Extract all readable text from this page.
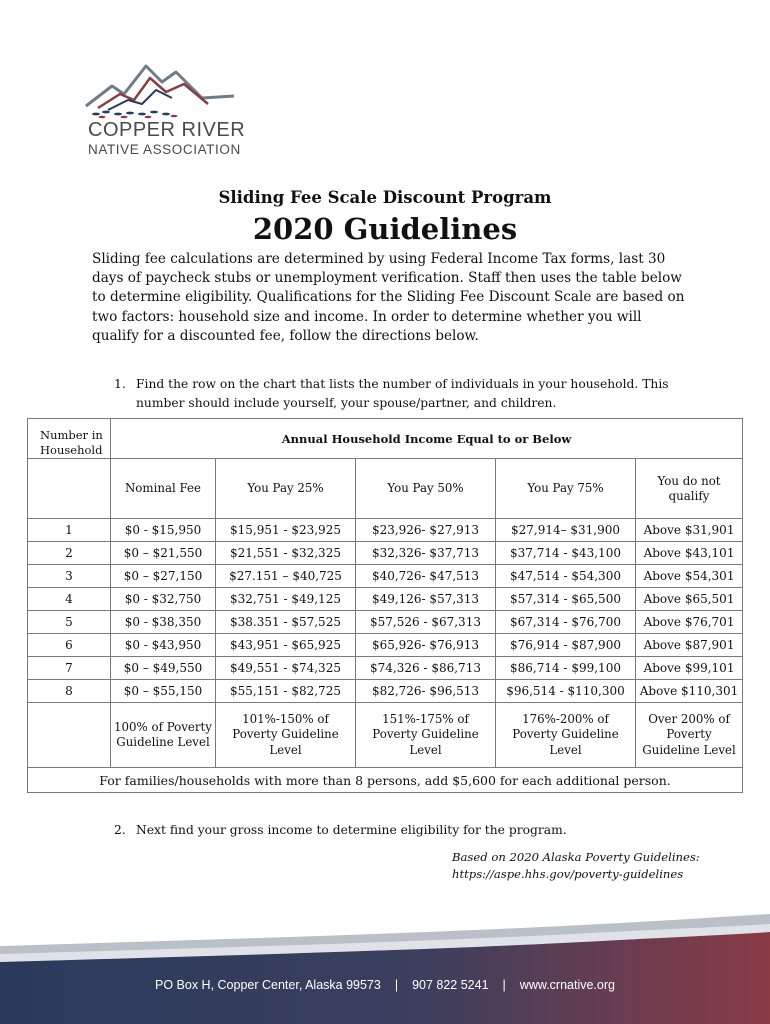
COPPER RIVER
NATIVE ASSOCIATION
Sliding Fee Scale Discount Program
2020 Guidelines
Sliding fee calculations are determined by using Federal Income Tax forms, last 30 days of paycheck stubs or unemployment verification. Staff then uses the table below to determine eligibility. Qualifications for the Sliding Fee Discount Scale are based on two factors: household size and income. In order to determine whether you will qualify for a discounted fee, follow the directions below.
1. Find the row on the chart that lists the number of individuals in your household. This number should include yourself, your spouse/partner, and children.
Number in Household	Annual Household Income Equal to or Below				
	Nominal Fee	You Pay 25%	You Pay 50%	You Pay 75%	You do not qualify
1	$0 - $15,950	$15,951 - $23,925	$23,926- $27,913	$27,914– $31,900	Above $31,901
2	$0 – $21,550	$21,551 - $32,325	$32,326- $37,713	$37,714 - $43,100	Above $43,101
3	$0 – $27,150	$27.151 – $40,725	$40,726- $47,513	$47,514 - $54,300	Above $54,301
4	$0 - $32,750	$32,751 - $49,125	$49,126- $57,313	$57,314 - $65,500	Above $65,501
5	$0 - $38,350	$38.351 - $57,525	$57,526 - $67,313	$67,314 - $76,700	Above $76,701
6	$0 - $43,950	$43,951 - $65,925	$65,926- $76,913	$76,914 - $87,900	Above $87,901
7	$0 – $49,550	$49,551 - $74,325	$74,326 - $86,713	$86,714 - $99,100	Above $99,101
8	$0 – $55,150	$55,151 - $82,725	$82,726- $96,513	$96,514 - $110,300	Above $110,301
	100% of Poverty Guideline Level	101%-150% of Poverty Guideline Level	151%-175% of Poverty Guideline Level	176%-200% of Poverty Guideline Level	Over 200% of Poverty Guideline Level
For families/households with more than 8 persons, add $5,600 for each additional person.					
2. Next find your gross income to determine eligibility for the program.
Based on 2020 Alaska Poverty Guidelines:
https://aspe.hhs.gov/poverty-guidelines
PO Box H, Copper Center, Alaska 99573 | 907 822 5241 | www.crnative.org
